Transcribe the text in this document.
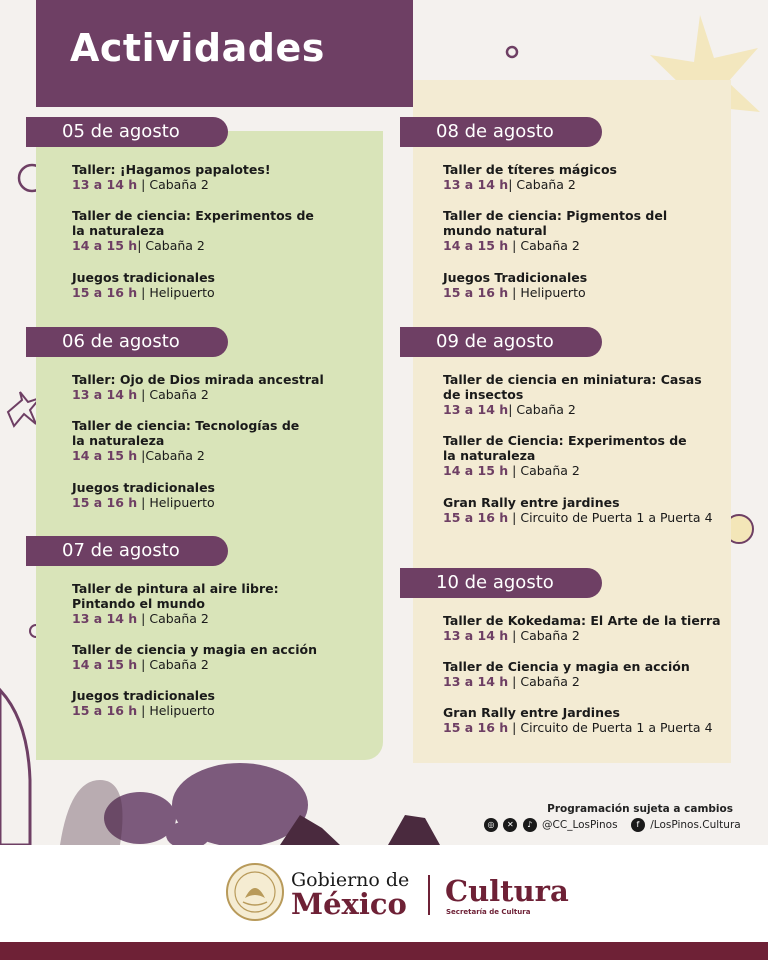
Actividades
05 de agosto
Taller: ¡Hagamos papalotes!
13 a 14 h | Cabaña 2
Taller de ciencia: Experimentos de la naturaleza
14 a 15 h| Cabaña 2
Juegos tradicionales
15 a 16 h | Helipuerto
06 de agosto
Taller: Ojo de Dios mirada ancestral
13 a 14 h | Cabaña 2
Taller de ciencia: Tecnologías de la naturaleza
14 a 15 h |Cabaña 2
Juegos tradicionales
15 a 16 h | Helipuerto
07 de agosto
Taller de pintura al aire libre: Pintando el mundo
13 a 14 h | Cabaña 2
Taller de ciencia y magia en acción
14 a 15 h | Cabaña 2
Juegos tradicionales
15 a 16 h | Helipuerto
08 de agosto
Taller de títeres mágicos
13 a 14 h| Cabaña 2
Taller de ciencia: Pigmentos del mundo natural
14 a 15 h | Cabaña 2
Juegos Tradicionales
15 a 16 h | Helipuerto
09 de agosto
Taller de ciencia en miniatura: Casas de insectos
13 a 14 h| Cabaña 2
Taller de Ciencia: Experimentos de la naturaleza
14 a 15 h | Cabaña 2
Gran Rally entre jardines
15 a 16 h | Circuito de Puerta 1 a Puerta 4
10 de agosto
Taller de Kokedama: El Arte de la tierra
13 a 14 h | Cabaña 2
Taller de Ciencia y magia en acción
13 a 14 h | Cabaña 2
Gran Rally entre Jardines
15 a 16 h | Circuito de Puerta 1 a Puerta 4
Programación sujeta a cambios
◎ ✕ ♪ @CC_LosPinos f /LosPinos.Cultura
Gobierno de
México Cultura
Secretaría de Cultura
